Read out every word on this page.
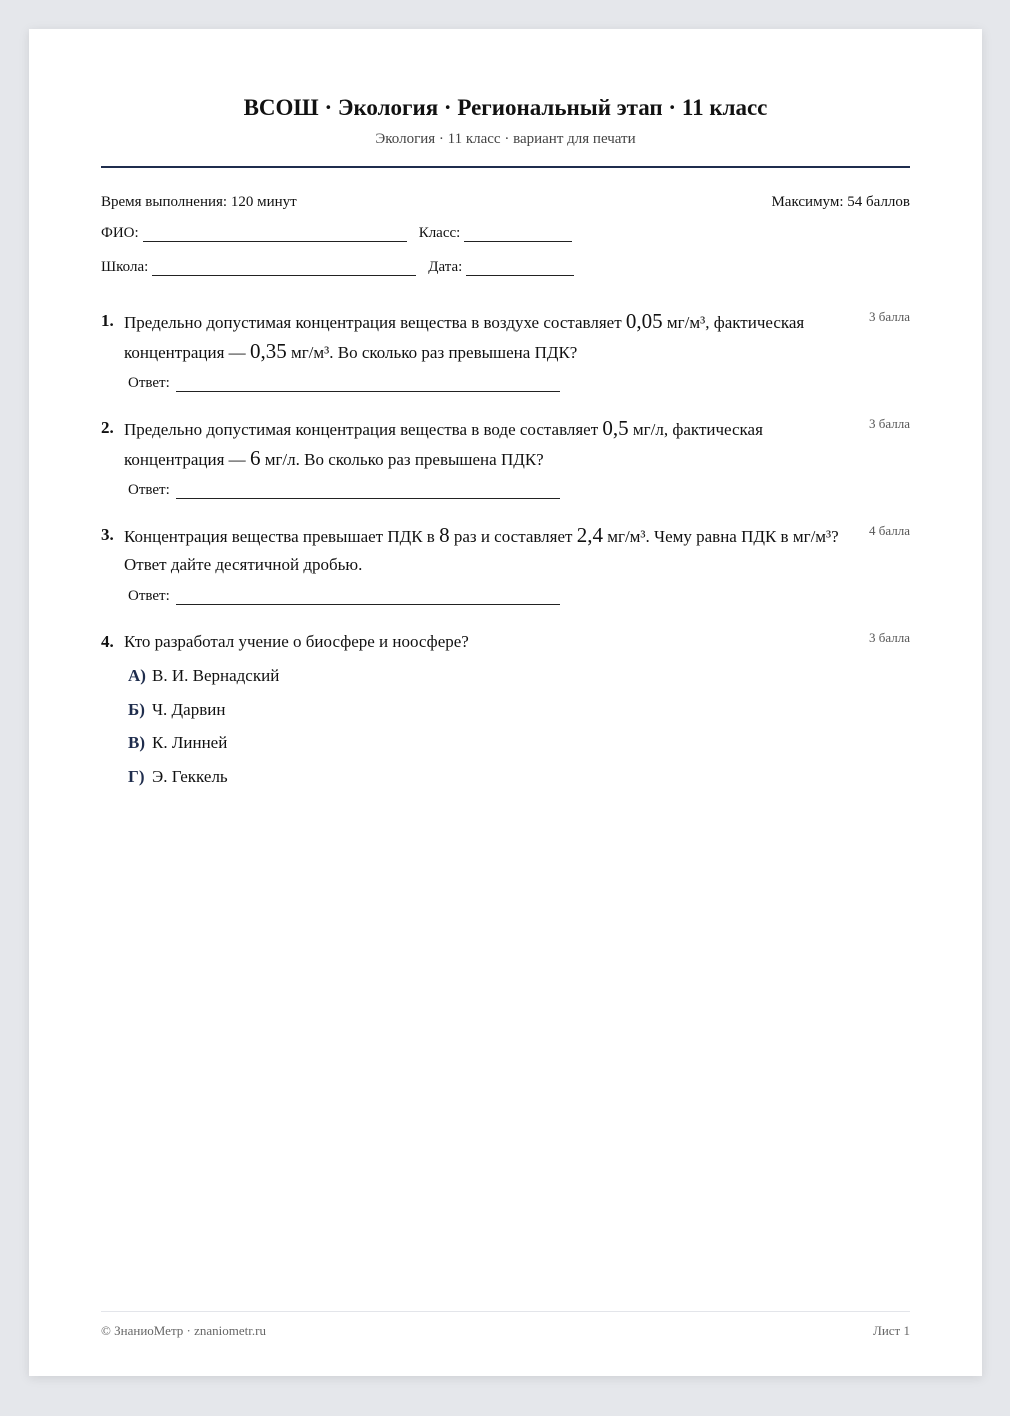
ВСОШ · Экология · Региональный этап · 11 класс
Экология · 11 класс · вариант для печати
Время выполнения: 120 минут	Максимум: 54 баллов
ФИО:	Класс:
Школа:	Дата:
1. Предельно допустимая концентрация вещества в воздухе составляет 0,05 мг/м³, фактическая концентрация — 0,35 мг/м³. Во сколько раз превышена ПДК?
3 балла
Ответ:
2. Предельно допустимая концентрация вещества в воде составляет 0,5 мг/л, фактическая концентрация — 6 мг/л. Во сколько раз превышена ПДК?
3 балла
Ответ:
3. Концентрация вещества превышает ПДК в 8 раз и составляет 2,4 мг/м³. Чему равна ПДК в мг/м³? Ответ дайте десятичной дробью.
4 балла
Ответ:
4. Кто разработал учение о биосфере и ноосфере?	3 балла
А) В. И. Вернадский
Б) Ч. Дарвин
В) К. Линней
Г) Э. Геккель
© ЗнаниоМетр · znaniometr.ru	Лист 1
